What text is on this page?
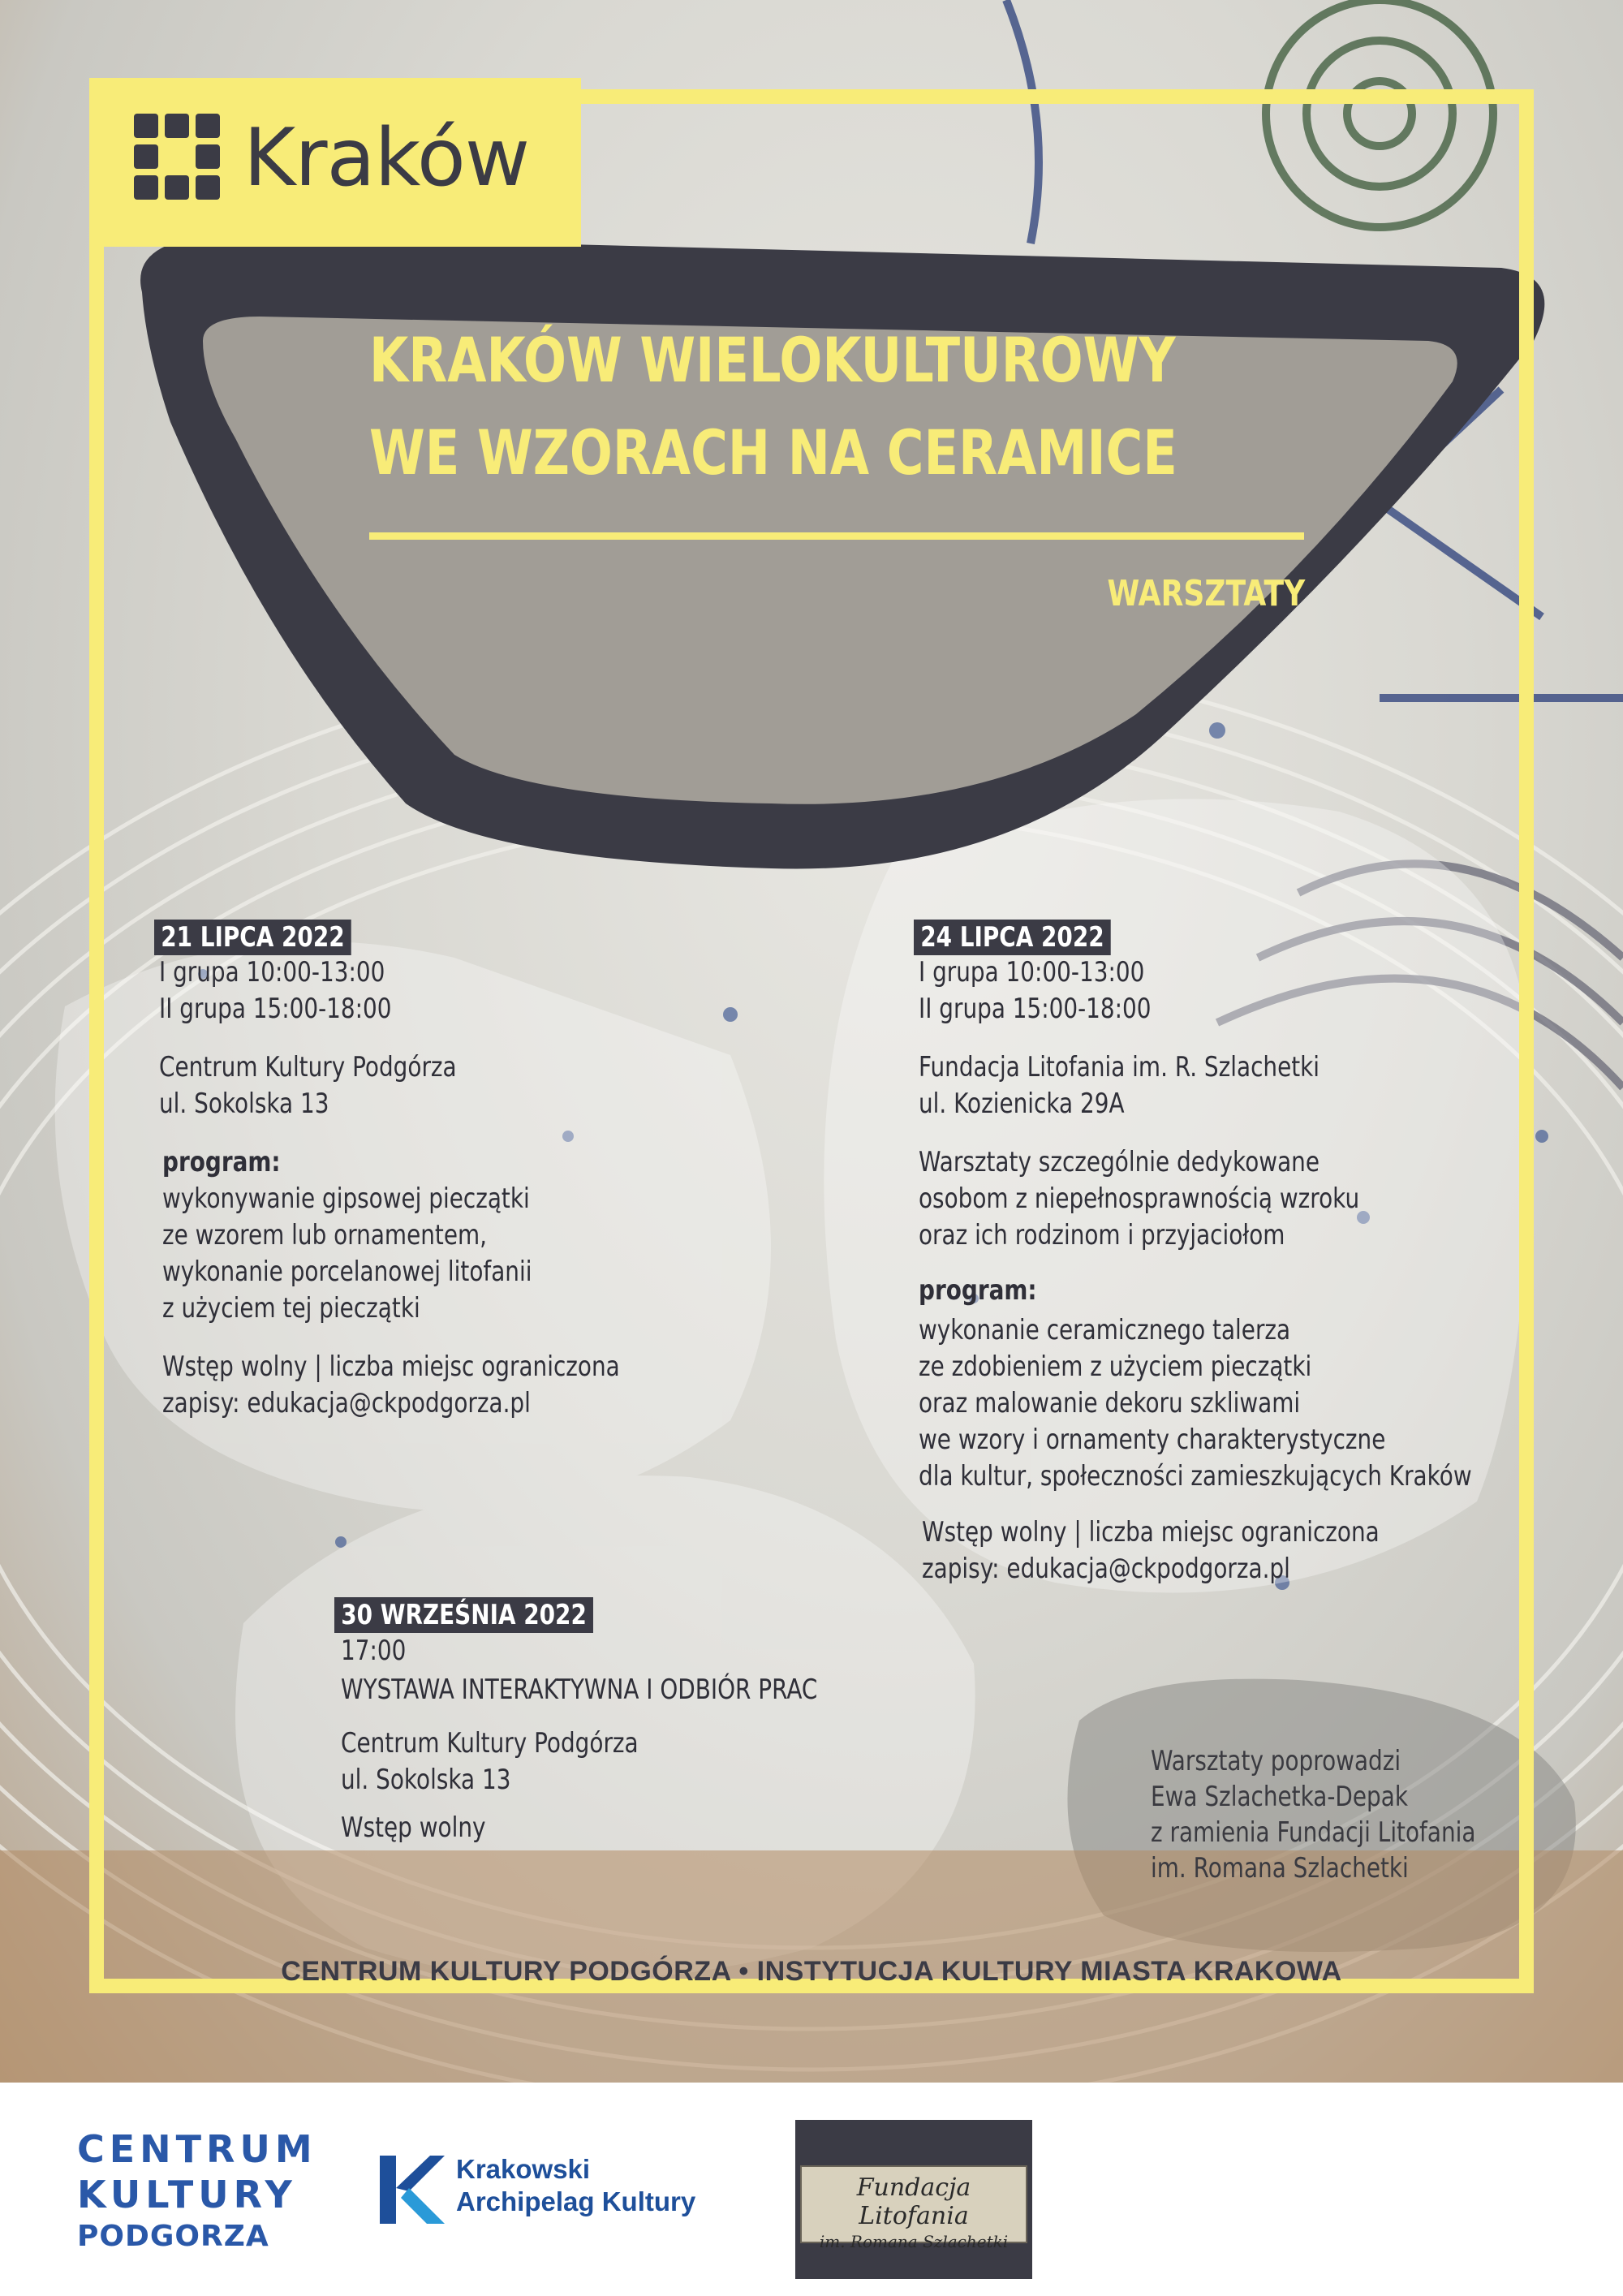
Kraków
KRAKÓW WIELOKULTUROWY
WE WZORACH NA CERAMICE
WARSZTATY
21 LIPCA 2022
I grupa 10:00-13:00
II grupa 15:00-18:00
Centrum Kultury Podgórza
ul. Sokolska 13
program:
wykonywanie gipsowej pieczątki
ze wzorem lub ornamentem,
wykonanie porcelanowej litofanii
z użyciem tej pieczątki
Wstęp wolny | liczba miejsc ograniczona
zapisy: edukacja@ckpodgorza.pl
24 LIPCA 2022
I grupa 10:00-13:00
II grupa 15:00-18:00
Fundacja Litofania im. R. Szlachetki
ul. Kozienicka 29A
Warsztaty szczególnie dedykowane
osobom z niepełnosprawnością wzroku
oraz ich rodzinom i przyjaciołom
program:
wykonanie ceramicznego talerza
ze zdobieniem z użyciem pieczątki
oraz malowanie dekoru szkliwami
we wzory i ornamenty charakterystyczne
dla kultur, społeczności zamieszkujących Kraków
Wstęp wolny | liczba miejsc ograniczona
zapisy: edukacja@ckpodgorza.pl
30 WRZEŚNIA 2022
17:00
WYSTAWA INTERAKTYWNA I ODBIÓR PRAC
Centrum Kultury Podgórza
ul. Sokolska 13
Wstęp wolny
Warsztaty poprowadzi
Ewa Szlachetka-Depak
z ramienia Fundacji Litofania
im. Romana Szlachetki
CENTRUM KULTURY PODGÓRZA • INSTYTUCJA KULTURY MIASTA KRAKOWA
CENTRUM
KULTURY
PODGORZA
Krakowski
Archipelag Kultury	Fundacja Litofania
im. Romana Szlachetki
